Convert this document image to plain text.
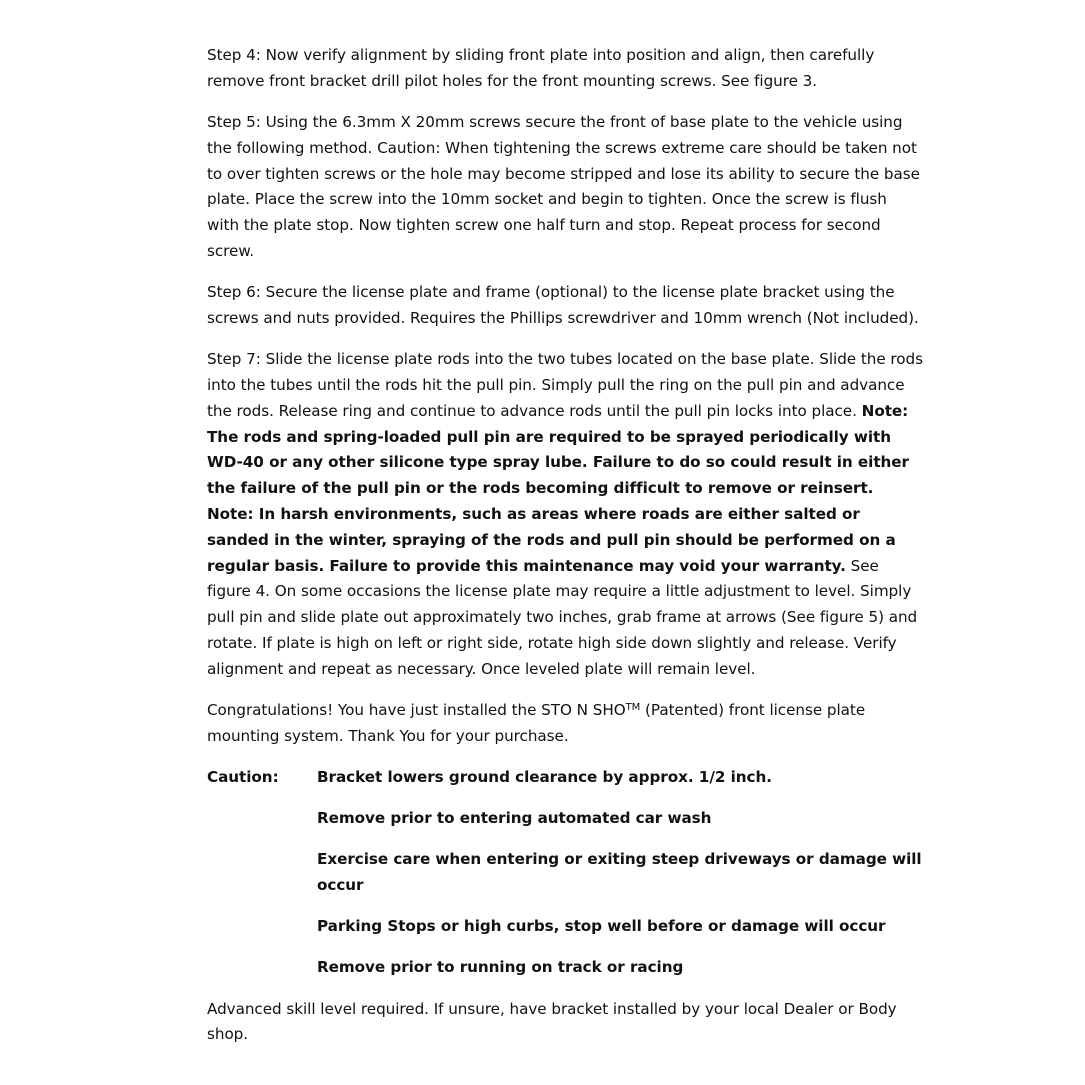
Step 4: Now verify alignment by sliding front plate into position and align, then carefully remove front bracket drill pilot holes for the front mounting screws. See figure 3.

Step 5: Using the 6.3mm X 20mm screws secure the front of base plate to the vehicle using the following method. Caution: When tightening the screws extreme care should be taken not to over tighten screws or the hole may become stripped and lose its ability to secure the base plate. Place the screw into the 10mm socket and begin to tighten. Once the screw is flush with the plate stop. Now tighten screw one half turn and stop. Repeat process for second screw.

Step 6: Secure the license plate and frame (optional) to the license plate bracket using the screws and nuts provided. Requires the Phillips screwdriver and 10mm wrench (Not included).

Step 7: Slide the license plate rods into the two tubes located on the base plate. Slide the rods into the tubes until the rods hit the pull pin. Simply pull the ring on the pull pin and advance the rods. Release ring and continue to advance rods until the pull pin locks into place. Note: The rods and spring-loaded pull pin are required to be sprayed periodically with WD-40 or any other silicone type spray lube. Failure to do so could result in either the failure of the pull pin or the rods becoming difficult to remove or reinsert. Note: In harsh environments, such as areas where roads are either salted or sanded in the winter, spraying of the rods and pull pin should be performed on a regular basis. Failure to provide this maintenance may void your warranty. See figure 4. On some occasions the license plate may require a little adjustment to level. Simply pull pin and slide plate out approximately two inches, grab frame at arrows (See figure 5) and rotate. If plate is high on left or right side, rotate high side down slightly and release. Verify alignment and repeat as necessary. Once leveled plate will remain level.

Congratulations! You have just installed the STO N SHO™ (Patented) front license plate mounting system. Thank You for your purchase.

Caution:	Bracket lowers ground clearance by approx. 1/2 inch.
Remove prior to entering automated car wash
Exercise care when entering or exiting steep driveways or damage will occur
Parking Stops or high curbs, stop well before or damage will occur
Remove prior to running on track or racing

Advanced skill level required. If unsure, have bracket installed by your local Dealer or Body shop.
